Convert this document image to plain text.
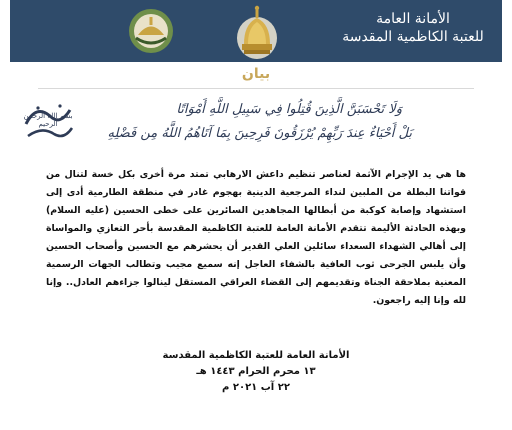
الأمانة العامة
للعتبة الكاظمية المقدسة
بيان
بسم الله الرحمن الرحيم
وَلَا تَحْسَبَنَّ الَّذِينَ قُتِلُوا فِي سَبِيلِ اللَّهِ أَمْوَاتًا
بَلْ أَحْيَاءٌ عِندَ رَبِّهِمْ يُرْزَقُونَ فَرِحِينَ بِمَا آتَاهُمُ اللَّهُ مِن فَضْلِهِ
ها هي يد الإجرام الآثمة لعناصر تنظيم داعش الارهابي تمتد مرة أخرى بكل خسة لتنال من قواتنا البطلة من الملبين لنداء المرجعية الدينية بهجوم غادر في منطقة الطارمية أدى إلى استشهاد وإصابة كوكبة من أبطالها المجاهدين السائرين على خطى الحسين (عليه السلام) وبهذه الحادثة الأليمة تتقدم الأمانة العامة للعتبة الكاظمية المقدسة بأحر التعازي والمواساة إلى أهالي الشهداء السعداء سائلين العلي القدير أن يحشرهم مع الحسين وأصحاب الحسين وأن يلبس الجرحى ثوب العافية بالشفاء العاجل إنه سميع مجيب وتطالب الجهات الرسمية المعنية بملاحقة الجناة وتقديمهم إلى القضاء العراقي المستقل لينالوا جزاءهم العادل.. وإنا لله وإنا إليه راجعون.
الأمانة العامة للعتبة الكاظمية المقدسة
١٣ محرم الحرام ١٤٤٣ هـ
٢٢ آب ٢٠٢١ م
